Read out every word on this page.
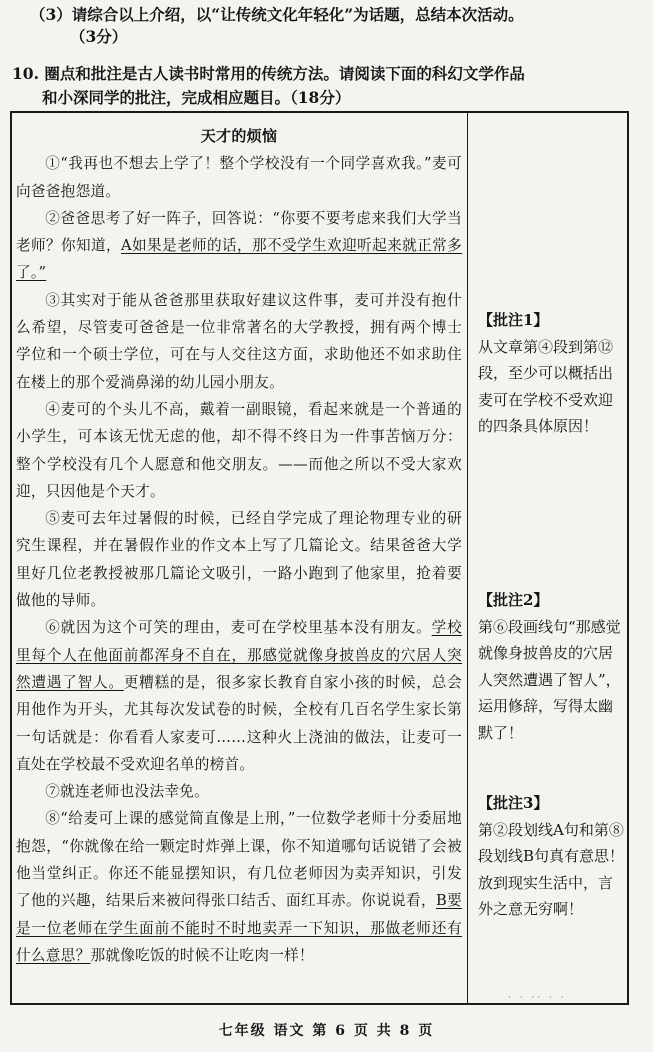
（3）请综合以上介绍，以“让传统文化年轻化”为话题，总结本次活动。
（3分）
10. 圈点和批注是古人读书时常用的传统方法。请阅读下面的科幻文学作品
和小深同学的批注，完成相应题目。（18分）
天才的烦恼

①“我再也不想去上学了！整个学校没有一个同学喜欢我。”麦可向爸爸抱怨道。

②爸爸思考了好一阵子，回答说：“你要不要考虑来我们大学当老师？你知道，A如果是老师的话，那不受学生欢迎听起来就正常多了。”

③其实对于能从爸爸那里获取好建议这件事，麦可并没有抱什么希望，尽管麦可爸爸是一位非常著名的大学教授，拥有两个博士学位和一个硕士学位，可在与人交往这方面，求助他还不如求助住在楼上的那个爱淌鼻涕的幼儿园小朋友。

④麦可的个头儿不高，戴着一副眼镜，看起来就是一个普通的小学生，可本该无忧无虑的他，却不得不终日为一件事苦恼万分：整个学校没有几个人愿意和他交朋友。——而他之所以不受大家欢迎，只因他是个天才。

⑤麦可去年过暑假的时候，已经自学完成了理论物理专业的研究生课程，并在暑假作业的作文本上写了几篇论文。结果爸爸大学里好几位老教授被那几篇论文吸引，一路小跑到了他家里，抢着要做他的导师。

⑥就因为这个可笑的理由，麦可在学校里基本没有朋友。学校里每个人在他面前都浑身不自在，那感觉就像身披兽皮的穴居人突然遭遇了智人。更糟糕的是，很多家长教育自家小孩的时候，总会用他作为开头，尤其每次发试卷的时候，全校有几百名学生家长第一句话就是：你看看人家麦可……这种火上浇油的做法，让麦可一直处在学校最不受欢迎名单的榜首。

⑦就连老师也没法幸免。

⑧“给麦可上课的感觉简直像是上刑，”一位数学老师十分委屈地抱怨，“你就像在给一颗定时炸弹上课，你不知道哪句话说错了会被他当堂纠正。你还不能显摆知识，有几位老师因为卖弄知识，引发了他的兴趣，结果后来被问得张口结舌、面红耳赤。你说说看，B要是一位老师在学生面前不能时不时地卖弄一下知识，那做老师还有什么意思？那就像吃饭的时候不让吃肉一样！

【批注1】
从文章第④段到第⑫段，至少可以概括出麦可在学校不受欢迎的四条具体原因！
【批注2】
第⑥段画线句“那感觉就像身披兽皮的穴居人突然遭遇了智人”，运用修辞，写得太幽默了！
【批注3】
第②段划线A句和第⑧段划线B句真有意思！放到现实生活中，言外之意无穷啊！
· · ·· · ·
七年级 语文 第 6 页 共 8 页
